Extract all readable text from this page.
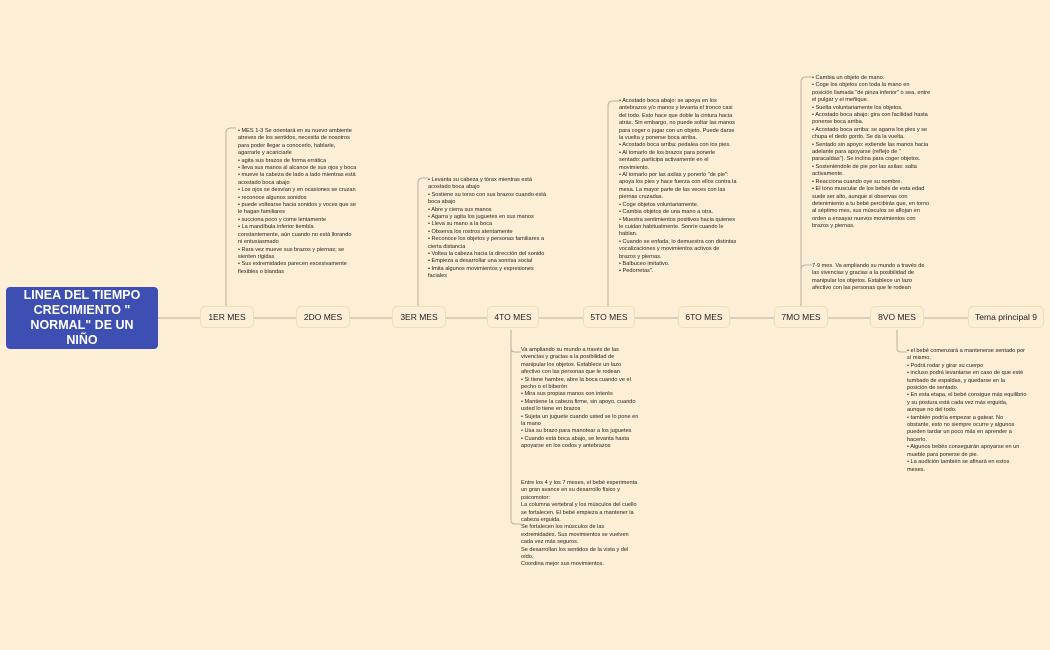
LINEA DEL TIEMPO CRECIMIENTO " NORMAL" DE UN NIÑO
1ER MES	2DO MES	3ER MES	4TO MES	5TO MES	6TO MES	7MO MES	8VO MES	Tema principal 9

• MES 1-3 Se orientará en su nuevo ambiente
atreves de los sentidos, necesita de nosotros
para poder llegar a conocerlo, hablarle,
agarrarle y acariciarle
• agita sus brazos de forma errática
• lleva sus manos al alcance de sus ojos y boca
• mueve la cabeza de lado a lado mientras está
acostado boca abajo
• Los ojos se desvían y en ocasiones se cruzan
• reconoce algunos sonidos
• puede voltearse hacia sonidos y voces que se
le hagan familiares
• succiona poco y come lentamente
• La mandíbula inferior tiembla
constantemente, aún cuando no está llorando
ni entusiasmado
• Rara vez mueve sus brazos y piernas; se
sienten rígidas
• Sus extremidades parecen excesivamente
flexibles o blandas

• Levanta su cabeza y tórax mientras está
acostado boca abajo
• Sostiene su torso con sus brazos cuando está
boca abajo
• Abre y cierra sus manos
• Agarra y agita los juguetes en sus manos
• Lleva su mano a la boca
• Observa los rostros atentamente
• Reconoce los objetos y personas familiares a
cierta distancia
• Voltea la cabeza hacia la dirección del sonido
• Empieza a desarrollar una sonrisa social
• Imita algunos movimientos y expresiones
faciales

Va ampliando su mundo a través de las
vivencias y gracias a la posibilidad de
manipular los objetos. Establece un lazo
afectivo con las personas que le rodean
• Si tiene hambre, abre la boca cuando ve el
pecho o el biberón
• Mira sus propias manos con interés
• Mantiene la cabeza firme, sin apoyo, cuando
usted lo tiene en brazos
• Sujeta un juguete cuando usted se lo pone en
la mano
• Usa su brazo para manotear a los juguetes
• Cuando está boca abajo, se levanta hasta
apoyarse en los codos y antebrazos

Entre los 4 y los 7 meses, el bebé experimenta
un gran avance en su desarrollo físico y
psicomotor:
La columna vertebral y los músculos del cuello
se fortalecen. El bebé empieza a mantener la
cabeza erguida.
Se fortalecen los músculos de las
extremidades. Sus movimientos se vuelven
cada vez más seguros.
Se desarrollan los sentidos de la vista y del
oído.
Coordina mejor sus movimientos.

• Acostado boca abajo: se apoya en los
antebrazos y/o manos y levanta el tronco casi
del todo. Esto hace que doble la cintura hacia
atrás. Sin embargo, no puede soltar las manos
para coger o jugar con un objeto. Puede darse
la vuelta y ponerse boca arriba.
• Acostado boca arriba: pedalea con los pies.
• Al tomarlo de los brazos para ponerle
sentado: participa activamente en el
movimiento.
• Al tomarlo por las axilas y ponerlo "de pie":
apoya los pies y hace fuerza con ellos contra la
mesa. La mayor parte de las veces con las
piernas cruzadas.
• Coge objetos voluntariamente.
• Cambia objetos de una mano a otra.
• Muestra sentimientos positivos hacia quienes
le cuidan habitualmente. Sonríe cuando le
hablan.
• Cuando se enfada, lo demuestra con distintas
vocalizaciones y movimientos activos de
brazos y piernas.
• Balbuceo imitativo.
• Pedorretas".

• Cambia un objeto de mano.
• Coge los objetos con toda la mano en
posición llamada "de pinza inferior" o sea, entre
el pulgar y el meñique.
• Suelta voluntariamente los objetos.
• Acostado boca abajo: gira con facilidad hasta
ponerse boca arriba.
• Acostado boca arriba: se agarra los pies y se
chupa el dedo gordo. Se da la vuelta.
• Sentado sin apoyo: extiende las manos hacia
adelante para apoyarse (reflejo de "
paracaídas"). Se inclina para coger objetos.
• Sosteniéndole de pie por las axilas: salta
activamente.
• Reacciona cuando oye su nombre.
• El tono muscular de los bebés de esta edad
suele ser alto, aunque si observas con
detenimiento a tu bebé percibirás que, en torno
al séptimo mes, sus músculos se aflojan en
orden a ensayar nuevos movimientos con
brazos y piernas.

7-9 mes. Va ampliando su mundo a través de
las vivencias y gracias a la posibilidad de
manipular los objetos. Establece un lazo
afectivo con las personas que le rodean

• el bebé comenzará a mantenerse sentado por
sí mismo.
• Podrá rodar y girar su cuerpo
• incluso podrá levantarse en caso de que esté
tumbado de espaldas, y quedarse en la
posición de sentado.
• En esta etapa, el bebé consigue más equilibrio
y su postura está cada vez más erguida,
aunque no del todo.
• también podría empezar a gatear. No
obstante, esto no siempre ocurre y algunos
pueden tardar un poco más en aprender a
hacerlo.
• Algunos bebés conseguirán apoyarse en un
mueble para ponerse de pie.
• La audición también se afinará en estos
meses.
